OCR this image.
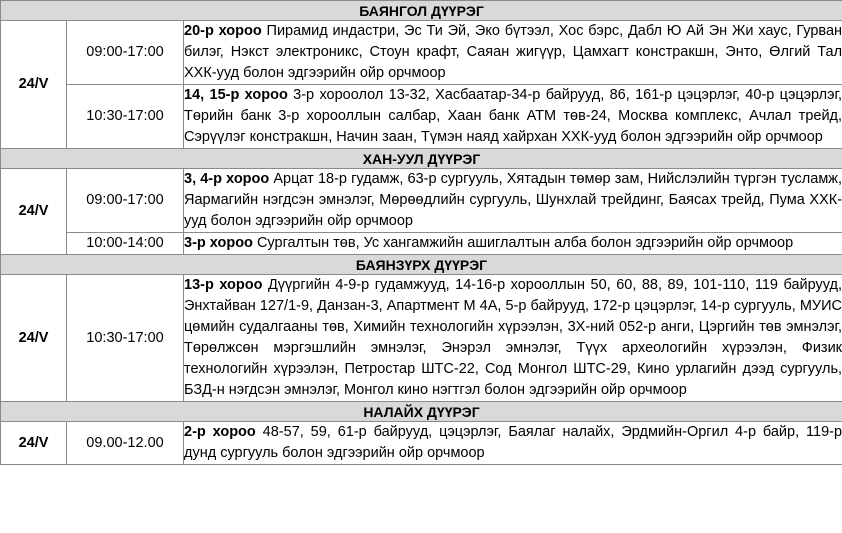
БАЯНГОЛ ДҮҮРЭГ		
24/V	09:00-17:00	20-р хороо Пирамид индастри, Эс Ти Эй, Эко бүтээл, Хос бэрс, Дабл Ю Ай Эн Жи хаус, Гурван билэг, Нэкст электроникс, Стоун крафт, Саяан жигүүр, Цамхагт констракшн, Энто, Өлгий Тал ХХК-ууд болон эдгээрийн ойр орчмоор
	10:30-17:00	14, 15-р хороо 3-р хороолол 13-32, Хасбаатар-34-р байрууд, 86, 161-р цэцэрлэг, 40-р цэцэрлэг, Төрийн банк 3-р хорооллын салбар, Хаан банк АТМ төв-24, Москва комплекс, Ачлал трейд, Сэрүүлэг констракшн, Начин заан, Түмэн наяд хайрхан ХХК-ууд болон эдгээрийн ойр орчмоор
ХАН-УУЛ ДҮҮРЭГ		
24/V	09:00-17:00	3, 4-р хороо Арцат 18-р гудамж, 63-р сургууль, Хятадын төмөр зам, Нийслэлийн түргэн тусламж, Яармагийн нэгдсэн эмнэлэг, Мөрөөдлийн сургууль, Шунхлай трейдинг, Баясах трейд, Пума ХХК-ууд болон эдгээрийн ойр орчмоор
	10:00-14:00	3-р хороо Сургалтын төв, Ус хангамжийн ашиглалтын алба болон эдгээрийн ойр орчмоор
БАЯНЗҮРХ ДҮҮРЭГ		
24/V	10:30-17:00	13-р хороо Дүүргийн 4-9-р гудамжууд, 14-16-р хорооллын 50, 60, 88, 89, 101-110, 119 байрууд, Энхтайван 127/1-9, Данзан-3, Апартмент М 4А, 5-р байрууд, 172-р цэцэрлэг, 14-р сургууль, МУИС цөмийн судалгааны төв, Химийн технологийн хүрээлэн, 3Х-ний 052-р анги, Цэргийн төв эмнэлэг, Төрөлжсөн мэргэшлийн эмнэлэг, Энэрэл эмнэлэг, Түүх археологийн хүрээлэн, Физик технологийн хүрээлэн, Петростар ШТС-22, Сод Монгол ШТС-29, Кино урлагийн дээд сургууль, БЗД-н нэгдсэн эмнэлэг, Монгол кино нэгтгэл болон эдгээрийн ойр орчмоор
НАЛАЙХ ДҮҮРЭГ		
24/V	09.00-12.00	2-р хороо 48-57, 59, 61-р байрууд, цэцэрлэг, Баялаг налайх, Эрдмийн-Оргил 4-р байр, 119-р дунд сургууль болон эдгээрийн ойр орчмоор
